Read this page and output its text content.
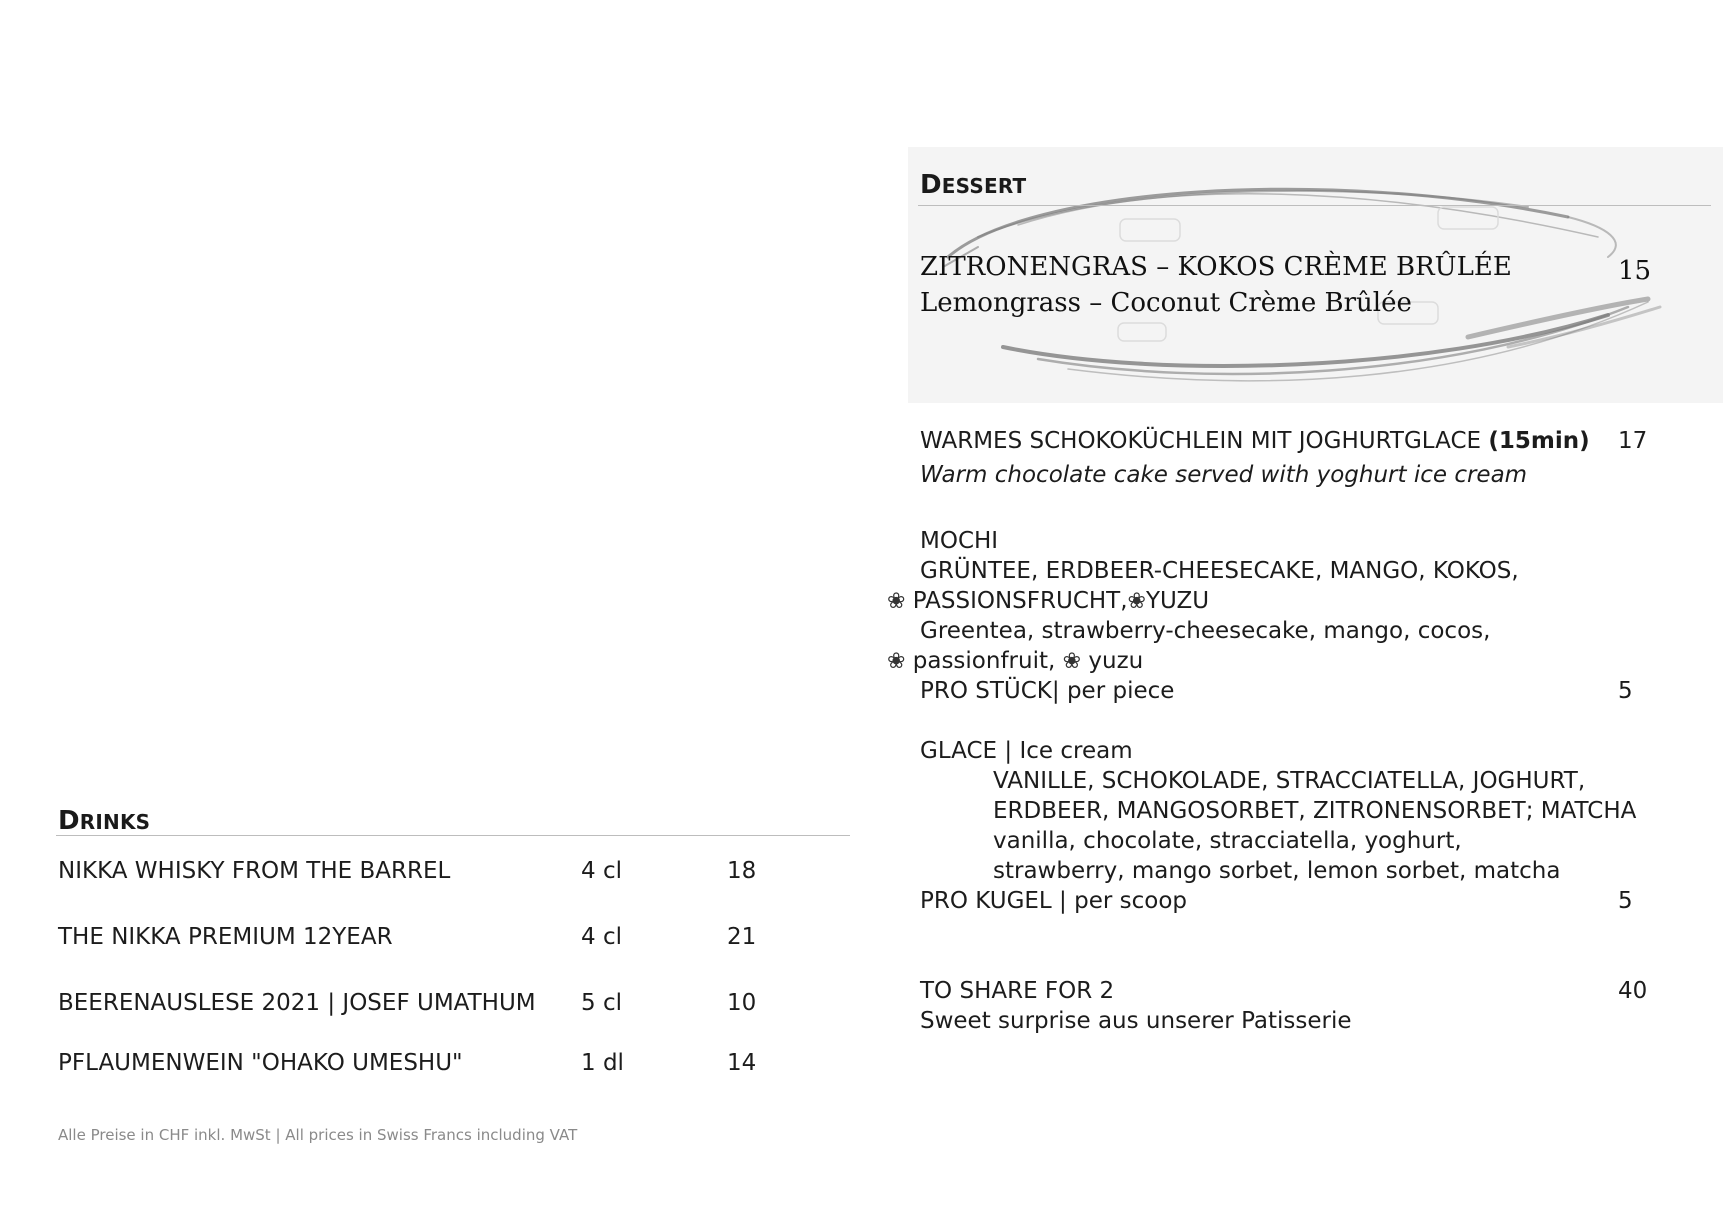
DESSERT
ZITRONENGRAS – KOKOS CRÈME BRÛLÉE
Lemongrass – Coconut Crème Brûlée
15
WARMES SCHOKOKÜCHLEIN MIT JOGHURTGLACE (15min)
Warm chocolate cake served with yoghurt ice cream
17
MOCHI
GRÜNTEE, ERDBEER-CHEESECAKE, MANGO, KOKOS,
❀ PASSIONSFRUCHT,❀YUZU
Greentea, strawberry-cheesecake, mango, cocos,
❀ passionfruit, ❀ yuzu
PRO STÜCK| per piece	5
GLACE | Ice cream
VANILLE, SCHOKOLADE, STRACCIATELLA, JOGHURT,
ERDBEER, MANGOSORBET, ZITRONENSORBET; MATCHA
vanilla, chocolate, stracciatella, yoghurt,
strawberry, mango sorbet, lemon sorbet, matcha
PRO KUGEL | per scoop	5
TO SHARE FOR 2
Sweet surprise aus unserer Patisserie
40
DRINKS
NIKKA WHISKY FROM THE BARREL	4 cl	18
THE NIKKA PREMIUM 12YEAR	4 cl	21
BEERENAUSLESE 2021 | JOSEF UMATHUM 5 cl	10
PFLAUMENWEIN "OHAKO UMESHU"	1 dl	14
Alle Preise in CHF inkl. MwSt | All prices in Swiss Francs including VAT
